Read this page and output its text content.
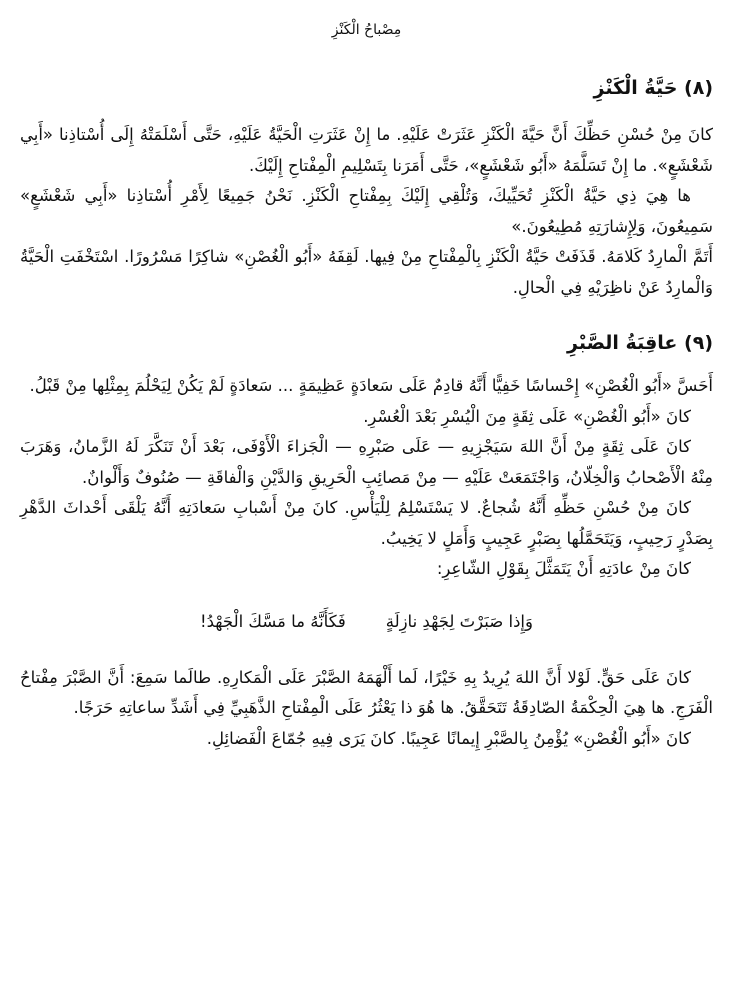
مِصْباحُ الْكَنْزِ
(٨) حَيَّةُ الْكَنْزِ

كانَ مِنْ حُسْنِ حَظِّكَ أَنَّ حَيَّةَ الْكَنْزِ عَثَرَتْ عَلَيْهِ. ما إِنْ عَثَرَتِ الْحَيَّةُ عَلَيْهِ، حَتَّى أَسْلَمَتْهُ إِلَى أُسْتاذِنا «أَبِي شَعْشَعٍ». ما إِنْ تَسَلَّمَهُ «أَبُو شَعْشَعٍ»، حَتَّى أَمَرَنا بِتَسْلِيمِ الْمِفْتاحِ إِلَيْكَ.

ها هِيَ ذِي حَيَّةُ الْكَنْزِ تُحَيِّيكَ، وَتُلْقِي إِلَيْكَ بِمِفْتاحِ الْكَنْزِ. نَحْنُ جَمِيعًا لِأَمْرِ أُسْتاذِنا «أَبِي شَعْشَعٍ» سَمِيعُونَ، وَلِإِشارَتِهِ مُطِيعُونَ.»

أَتَمَّ الْمارِدُ كَلامَهُ. قَذَفَتْ حَيَّةُ الْكَنْزِ بِالْمِفْتاحِ مِنْ فِيها. لَقِفَهُ «أَبُو الْغُصْنِ» شاكِرًا مَسْرُورًا. اسْتَخْفَتِ الْحَيَّةُ وَالْمارِدُ عَنْ ناظِرَيْهِ فِي الْحالِ.

(٩) عاقِبَةُ الصَّبْرِ

أَحَسَّ «أَبُو الْغُصْنِ» إِحْساسًا خَفِيًّا أَنَّهُ قادِمٌ عَلَى سَعادَةٍ عَظِيمَةٍ ... سَعادَةٍ لَمْ يَكُنْ لِيَحْلُمَ بِمِثْلِها مِنْ قَبْلُ.

كانَ «أَبُو الْغُصْنِ» عَلَى ثِقَةٍ مِنَ الْيُسْرِ بَعْدَ الْعُسْرِ.

كانَ عَلَى ثِقَةٍ مِنْ أَنَّ اللهَ سَيَجْزِيهِ — عَلَى صَبْرِهِ — الْجَزاءَ الْأَوْفَى، بَعْدَ أَنْ تَنَكَّرَ لَهُ الزَّمانُ، وَهَرَبَ مِنْهُ الْأَصْحابُ وَالْخِلّانُ، وَاجْتَمَعَتْ عَلَيْهِ — مِنْ مَصائِبِ الْحَرِيقِ وَالدَّيْنِ وَالْفاقَةِ — صُنُوفٌ وَأَلْوانٌ.

كانَ مِنْ حُسْنِ حَظِّهِ أَنَّهُ شُجاعٌ. لا يَسْتَسْلِمُ لِلْيَأْسِ. كانَ مِنْ أَسْبابِ سَعادَتِهِ أَنَّهُ يَلْقَى أَحْداثَ الدَّهْرِ بِصَدْرٍ رَحِيبٍ، وَيَتَحَمَّلُها بِصَبْرٍ عَجِيبٍ وَأَمَلٍ لا يَخِيبُ.

كانَ مِنْ عادَتِهِ أَنْ يَتَمَثَّلَ بِقَوْلِ الشّاعِرِ:

وَإِذا صَبَرْتَ لِجَهْدِ نازِلَةٍ
فَكَأَنَّهُ ما مَسَّكَ الْجَهْدُ!

كانَ عَلَى حَقٍّ. لَوْلا أَنَّ اللهَ يُرِيدُ بِهِ خَيْرًا، لَما أَلْهَمَهُ الصَّبْرَ عَلَى الْمَكارِهِ. طالَما سَمِعَ: أَنَّ الصَّبْرَ مِفْتاحُ الْفَرَجِ. ها هِيَ الْحِكْمَةُ الصّادِقَةُ تَتَحَقَّقُ. ها هُوَ ذا يَعْثُرُ عَلَى الْمِفْتاحِ الذَّهَبِيِّ فِي أَشَدِّ ساعاتِهِ حَرَجًا.

كانَ «أَبُو الْغُصْنِ» يُؤْمِنُ بِالصَّبْرِ إِيمانًا عَجِيبًا. كانَ يَرَى فِيهِ جُمّاعَ الْفَضائِلِ.
